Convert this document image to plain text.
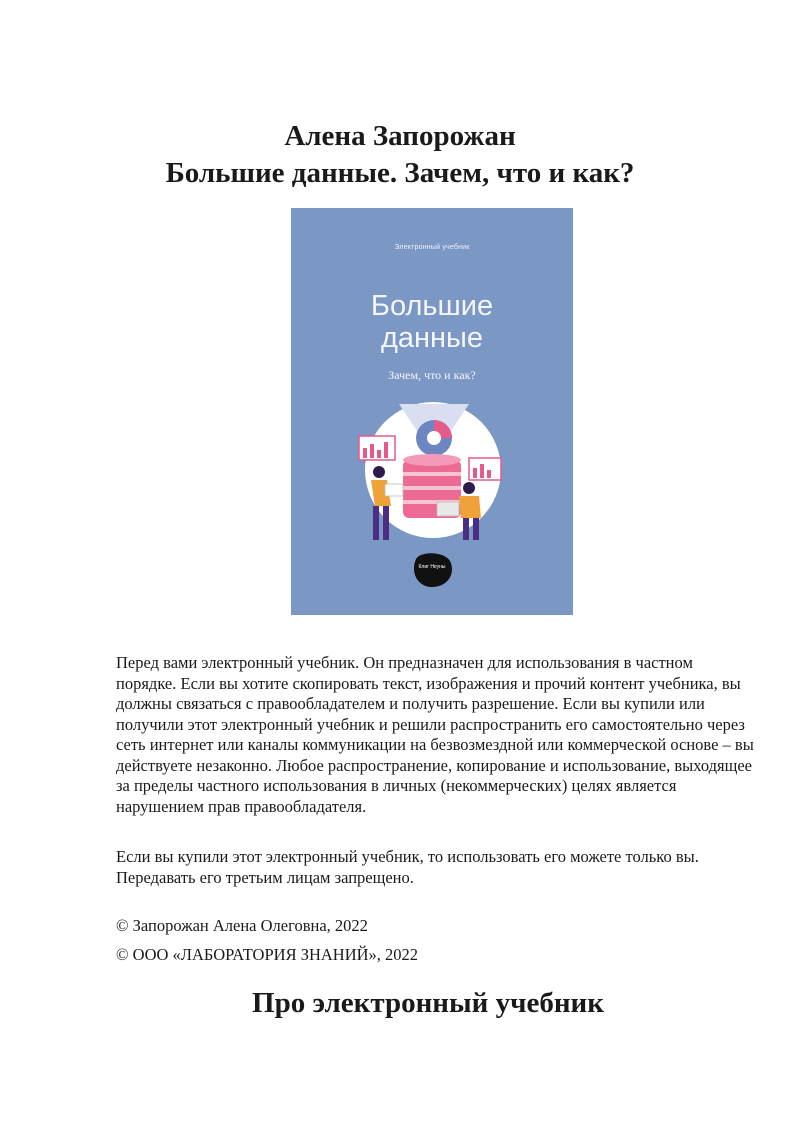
Алена Запорожан

Большие данные. Зачем, что и как?

Электронный учебник
Большие
данные
Зачем, что и как?
Клиг Неуны

Перед вами электронный учебник. Он предназначен для использования в частном порядке. Если вы хотите скопировать текст, изображения и прочий контент учебника, вы должны связаться с правообладателем и получить разрешение. Если вы купили или получили этот электронный учебник и решили распространить его самостоятельно через сеть интернет или каналы коммуникации на безвозмездной или коммерческой основе – вы действуете незаконно. Любое распространение, копирование и использование, выходящее за пределы частного использования в личных (некоммерческих) целях является нарушением прав правообладателя.

Если вы купили этот электронный учебник, то использовать его можете только вы. Передавать его третьим лицам запрещено.

© Запорожан Алена Олеговна, 2022

© ООО «ЛАБОРАТОРИЯ ЗНАНИЙ», 2022

Про электронный учебник
